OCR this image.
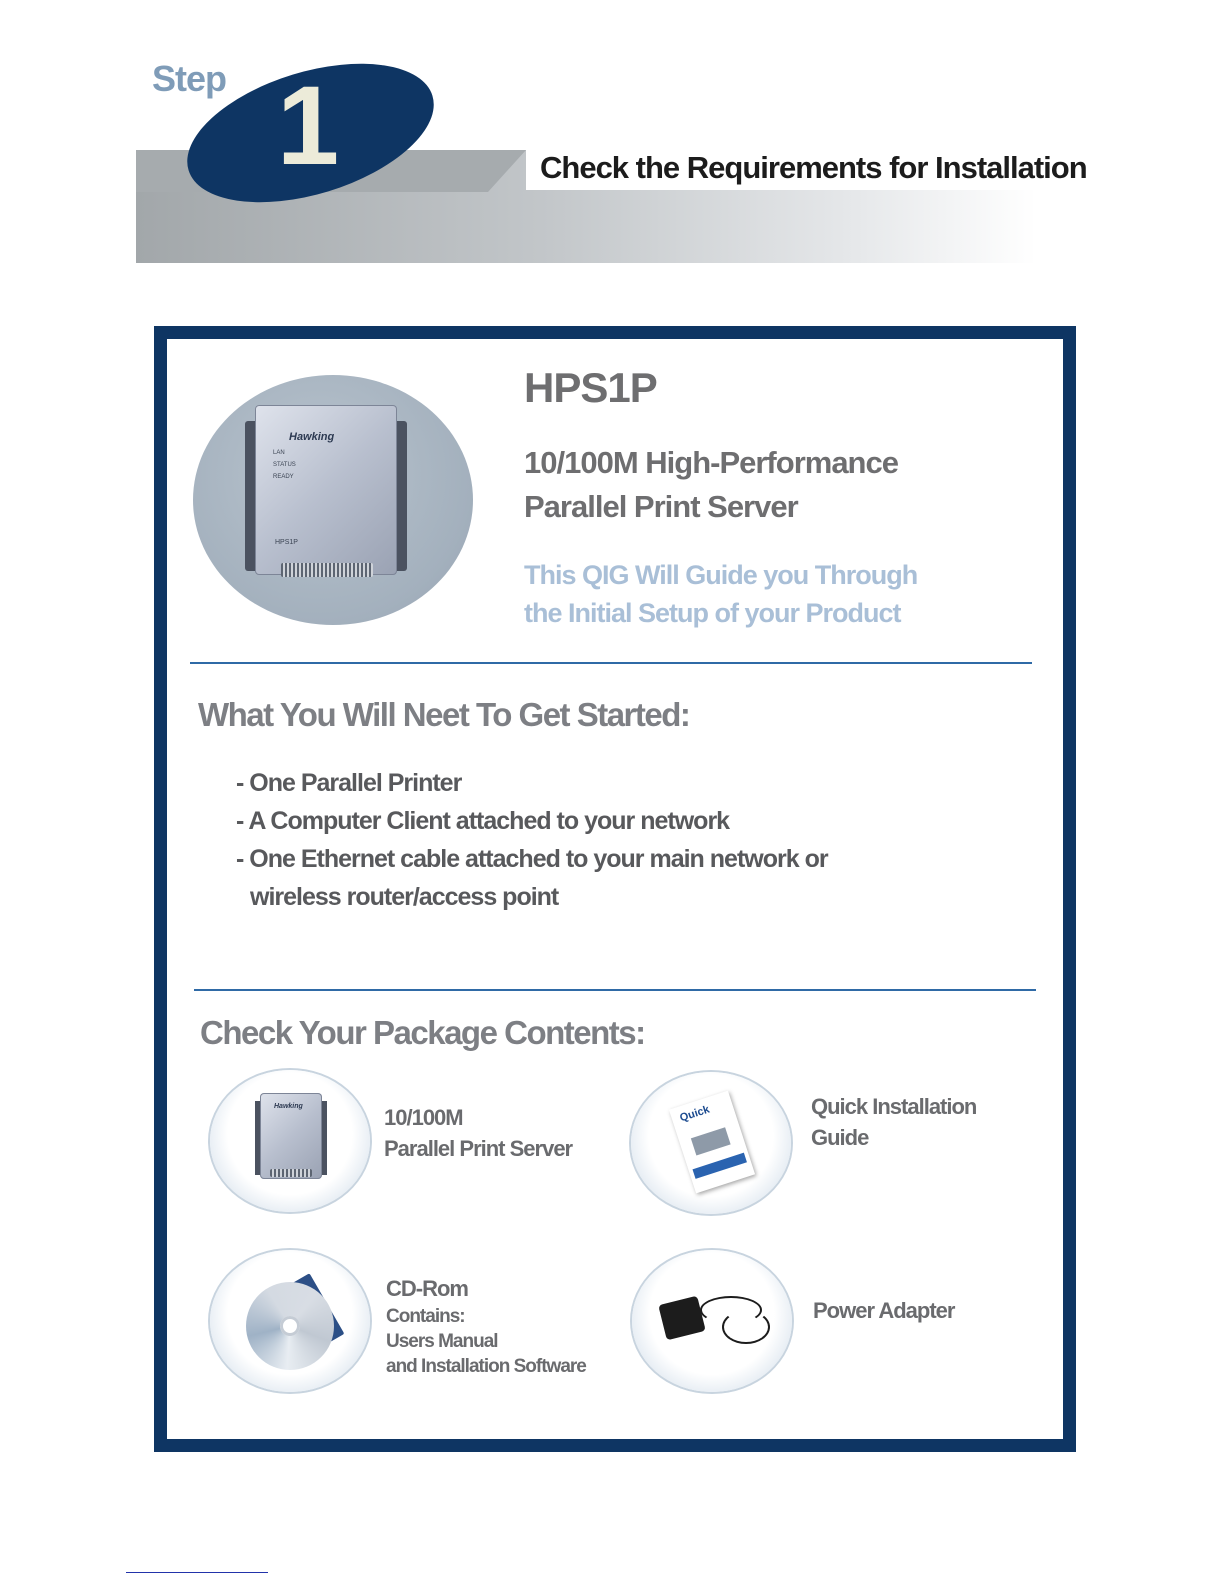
Step 1	Check the Requirements for Installation
Hawking
LAN
STATUS
READY
HPS1P
HPS1P
10/100M High-Performance
Parallel Print Server
This QIG Will Guide you Through
the Initial Setup of your Product
What You Will Neet To Get Started:
- One Parallel Printer
- A Computer Client attached to your network
- One Ethernet cable attached to your main network or
wireless router/access point
Check Your Package Contents:
Hawking	10/100M
Parallel Print Server
Quick	Quick Installation
Guide
CD-Rom
Contains:
Users Manual
and Installation Software
Power Adapter
